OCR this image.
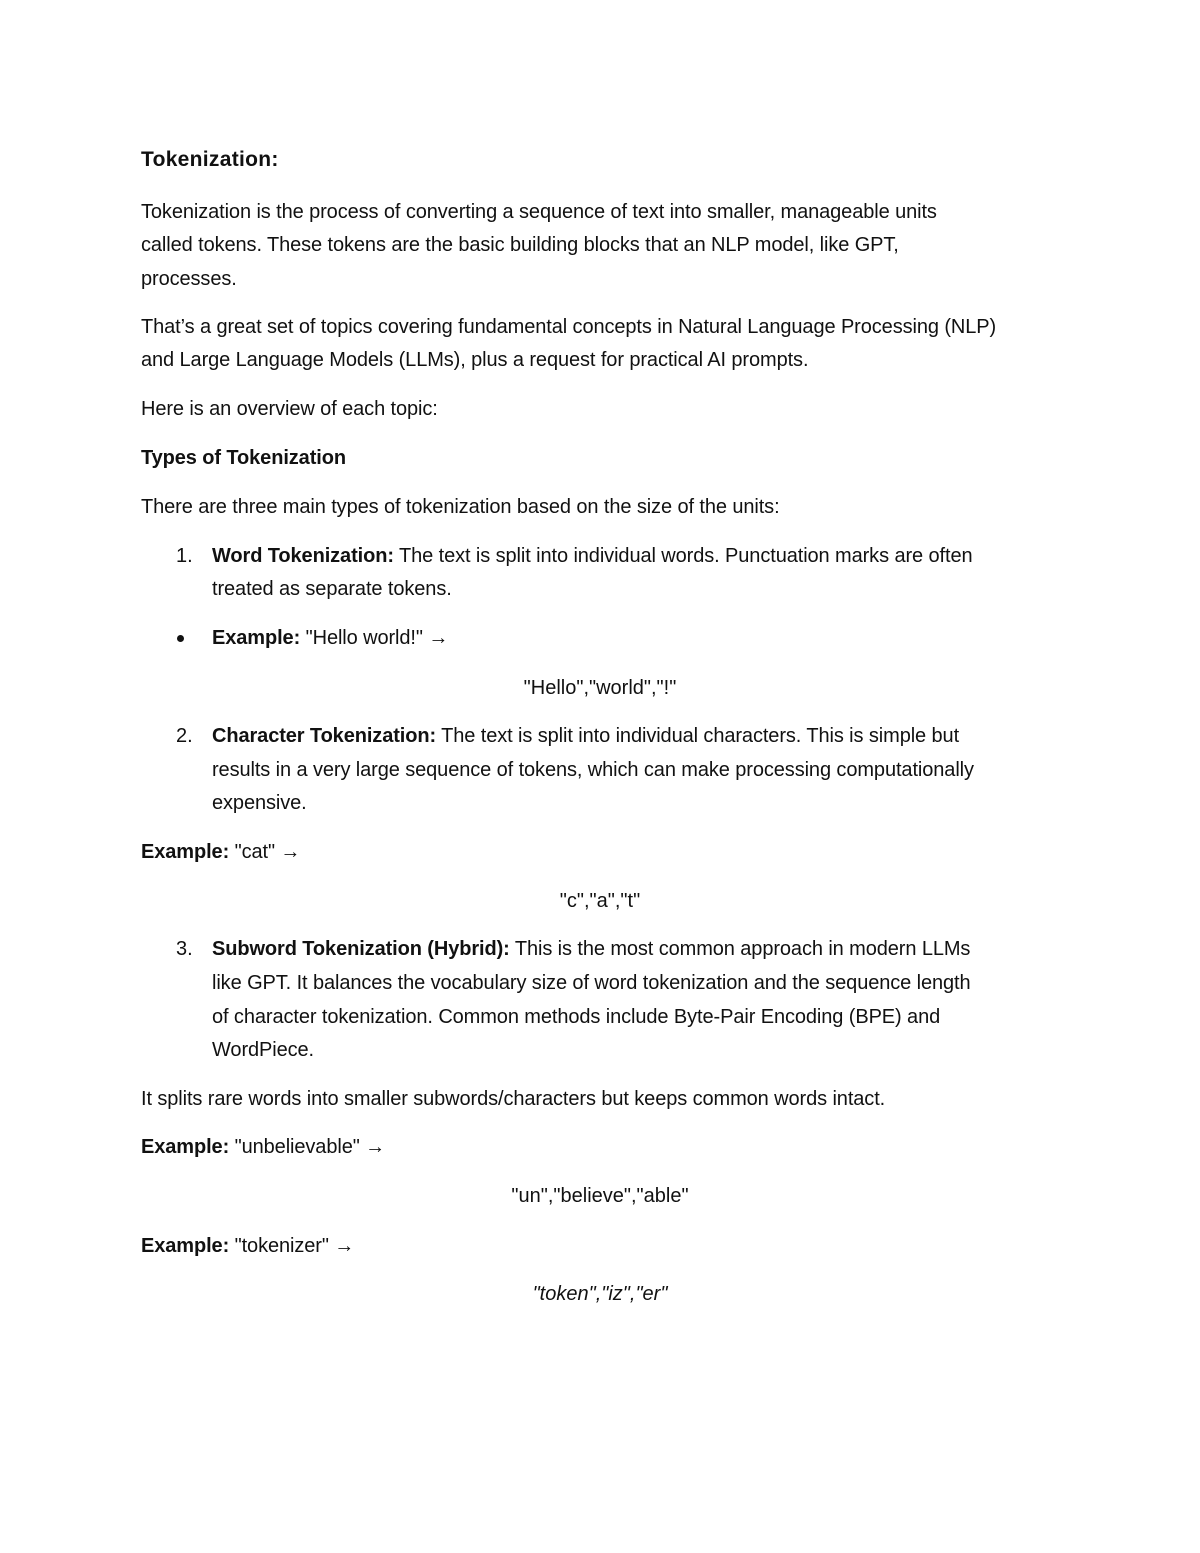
Tokenization:
Tokenization is the process of converting a sequence of text into smaller, manageable units
called tokens. These tokens are the basic building blocks that an NLP model, like GPT,
processes.
That’s a great set of topics covering fundamental concepts in Natural Language Processing (NLP)
and Large Language Models (LLMs), plus a request for practical AI prompts.
Here is an overview of each topic:
Types of Tokenization
There are three main types of tokenization based on the size of the units:
1. Word Tokenization: The text is split into individual words. Punctuation marks are often
treated as separate tokens.
Example: "Hello world!" →
"Hello","world","!"
2. Character Tokenization: The text is split into individual characters. This is simple but
results in a very large sequence of tokens, which can make processing computationally
expensive.
Example: "cat" →
"c","a","t"
3. Subword Tokenization (Hybrid): This is the most common approach in modern LLMs
like GPT. It balances the vocabulary size of word tokenization and the sequence length
of character tokenization. Common methods include Byte-Pair Encoding (BPE) and
WordPiece.
It splits rare words into smaller subwords/characters but keeps common words intact.
Example: "unbelievable" →
"un","believe","able"
Example: "tokenizer" →
"token","iz","er"
